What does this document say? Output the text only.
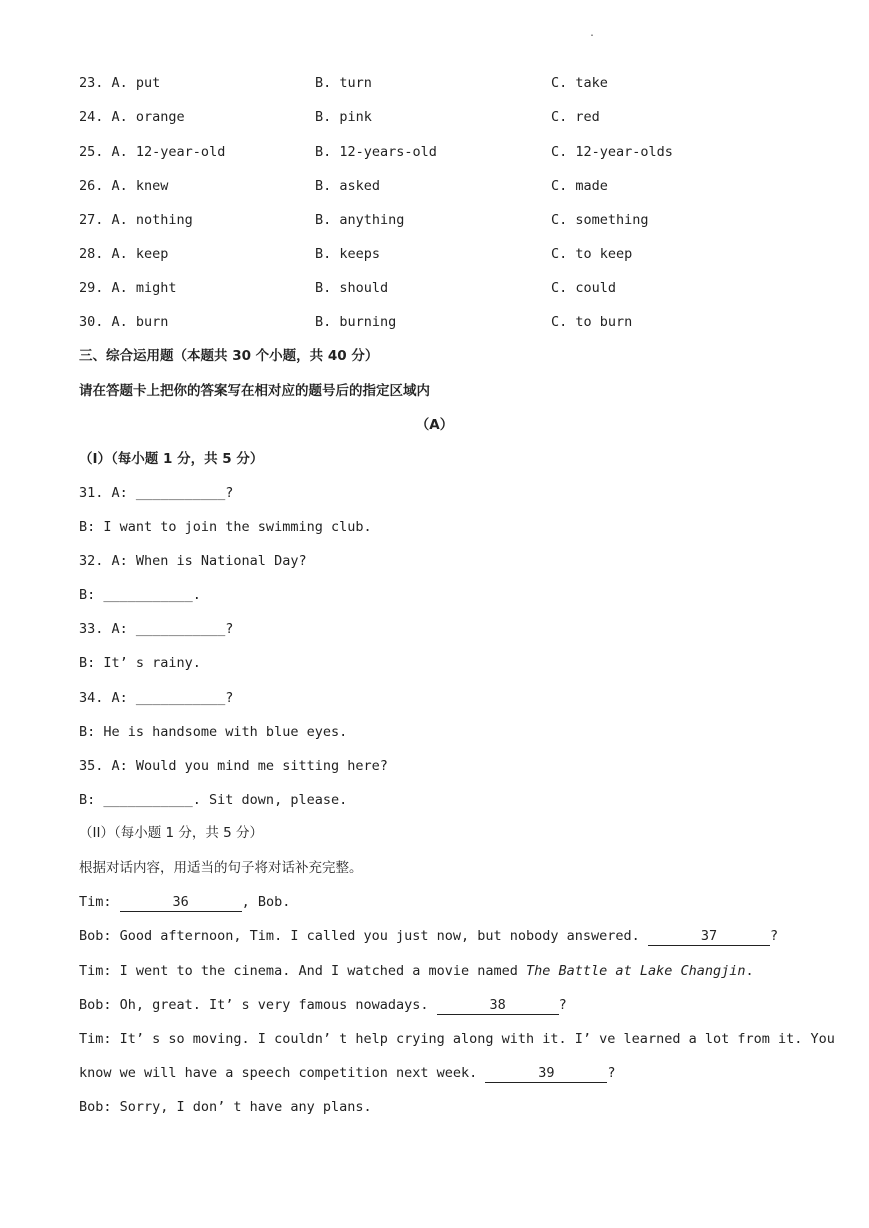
.
23. A. put	B. turn	C. take
24. A. orange	B. pink	C. red
25. A. 12-year-old	B. 12-years-old	C. 12-year-olds
26. A. knew	B. asked	C. made
27. A. nothing	B. anything	C. something
28. A. keep	B. keeps	C. to keep
29. A. might	B. should	C. could
30. A. burn	B. burning	C. to burn
三、综合运用题（本题共 30 个小题，共 40 分）
请在答题卡上把你的答案写在相对应的题号后的指定区域内
（A）
（I）（每小题 1 分，共 5 分）
31. A: ___________?
B: I want to join the swimming club.
32. A: When is National Day?
B: ___________.
33. A: ___________?
B: It’ s rainy.
34. A: ___________?
B: He is handsome with blue eyes.
35. A: Would you mind me sitting here?
B: ___________. Sit down, please.
（II）（每小题 1 分，共 5 分）
根据对话内容，用适当的句子将对话补充完整。
Tim:	36	, Bob.
Bob: Good afternoon, Tim. I called you just now, but nobody answered.	37	?
Tim: I went to the cinema. And I watched a movie named The Battle at Lake Changjin.
Bob: Oh, great. It’ s very famous nowadays.	38	?
Tim: It’ s so moving. I couldn’ t help crying along with it. I’ ve learned a lot from it. You
know we will have a speech competition next week.	39	?
Bob: Sorry, I don’ t have any plans.
